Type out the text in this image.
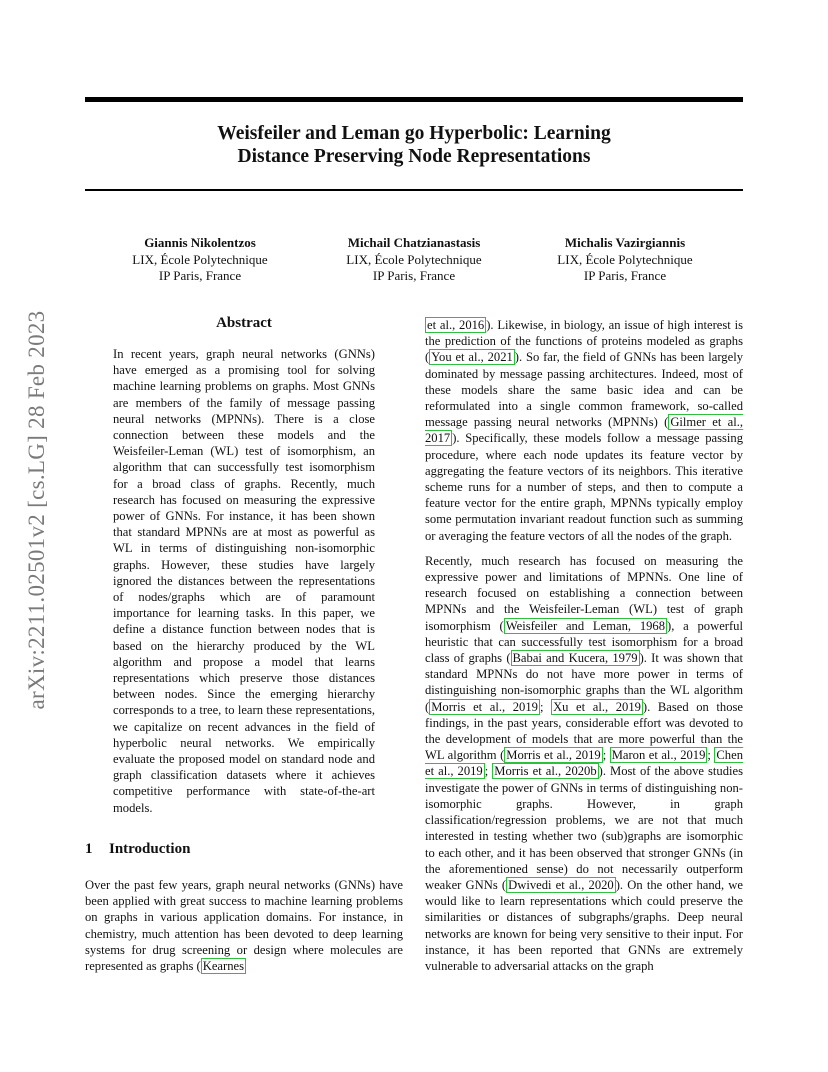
Weisfeiler and Leman go Hyperbolic: Learning
Distance Preserving Node Representations
Giannis Nikolentzos
LIX, École Polytechnique
IP Paris, France
Michail Chatzianastasis
LIX, École Polytechnique
IP Paris, France
Michalis Vazirgiannis
LIX, École Polytechnique
IP Paris, France
arXiv:2211.02501v2 [cs.LG] 28 Feb 2023	Abstract

In recent years, graph neural networks (GNNs) have emerged as a promising tool for solving machine learning problems on graphs. Most GNNs are members of the family of message passing neural networks (MPNNs). There is a close connection between these models and the Weisfeiler-Leman (WL) test of isomorphism, an algorithm that can successfully test isomorphism for a broad class of graphs. Recently, much research has focused on measuring the expressive power of GNNs. For instance, it has been shown that standard MPNNs are at most as powerful as WL in terms of distinguishing non-isomorphic graphs. However, these studies have largely ignored the distances between the representations of nodes/graphs which are of paramount importance for learning tasks. In this paper, we define a distance function between nodes that is based on the hierarchy produced by the WL algorithm and propose a model that learns representations which preserve those distances between nodes. Since the emerging hierarchy corresponds to a tree, to learn these representations, we capitalize on recent advances in the field of hyperbolic neural networks. We empirically evaluate the proposed model on standard node and graph classification datasets where it achieves competitive performance with state-of-the-art models.

1 Introduction

Over the past few years, graph neural networks (GNNs) have been applied with great success to machine learning problems on graphs in various application domains. For instance, in chemistry, much attention has been devoted to deep learning systems for drug screening or design where molecules are represented as graphs ( Kearnes

et al., 2016 ). Likewise, in biology, an issue of high interest is the prediction of the functions of proteins modeled as graphs ( You et al., 2021 ). So far, the field of GNNs has been largely dominated by message passing architectures. Indeed, most of these models share the same basic idea and can be reformulated into a single common framework, so-called message passing neural networks (MPNNs) ( Gilmer et al., 2017 ). Specifically, these models follow a message passing procedure, where each node updates its feature vector by aggregating the feature vectors of its neighbors. This iterative scheme runs for a number of steps, and then to compute a feature vector for the entire graph, MPNNs typically employ some permutation invariant readout function such as summing or averaging the feature vectors of all the nodes of the graph.

Recently, much research has focused on measuring the expressive power and limitations of MPNNs. One line of research focused on establishing a connection between MPNNs and the Weisfeiler-Leman (WL) test of graph isomorphism ( Weisfeiler and Leman, 1968 ), a powerful heuristic that can successfully test isomorphism for a broad class of graphs ( Babai and Kucera, 1979 ). It was shown that standard MPNNs do not have more power in terms of distinguishing non-isomorphic graphs than the WL algorithm ( Morris et al., 2019 ; Xu et al., 2019 ). Based on those findings, in the past years, considerable effort was devoted to the development of models that are more powerful than the WL algorithm ( Morris et al., 2019 ; Maron et al., 2019 ; Chen et al., 2019 ; Morris et al., 2020b ). Most of the above studies investigate the power of GNNs in terms of distinguishing non-isomorphic graphs. However, in graph classification/regression problems, we are not that much interested in testing whether two (sub)graphs are isomorphic to each other, and it has been observed that stronger GNNs (in the aforementioned sense) do not necessarily outperform weaker GNNs ( Dwivedi et al., 2020 ). On the other hand, we would like to learn representations which could preserve the similarities or distances of subgraphs/graphs. Deep neural networks are known for being very sensitive to their input. For instance, it has been reported that GNNs are extremely vulnerable to adversarial attacks on the graph
